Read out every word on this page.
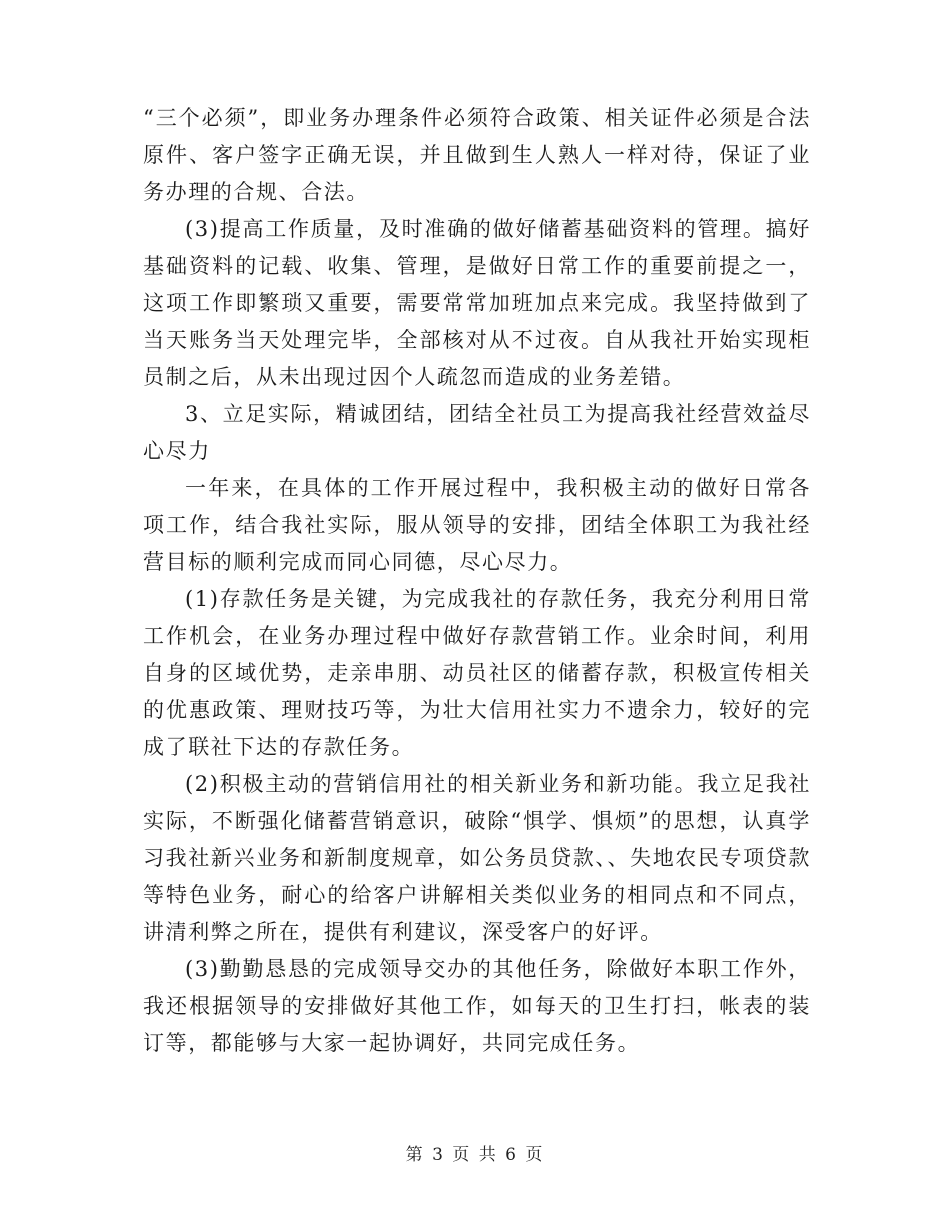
“三个必须”，即业务办理条件必须符合政策、相关证件必须是合法原件、客户签字正确无误，并且做到生人熟人一样对待，保证了业务办理的合规、合法。

(3)提高工作质量，及时准确的做好储蓄基础资料的管理。搞好基础资料的记载、收集、管理，是做好日常工作的重要前提之一，这项工作即繁琐又重要，需要常常加班加点来完成。我坚持做到了当天账务当天处理完毕，全部核对从不过夜。自从我社开始实现柜员制之后，从未出现过因个人疏忽而造成的业务差错。

3、立足实际，精诚团结，团结全社员工为提高我社经营效益尽心尽力

一年来，在具体的工作开展过程中，我积极主动的做好日常各项工作，结合我社实际，服从领导的安排，团结全体职工为我社经营目标的顺利完成而同心同德，尽心尽力。

(1)存款任务是关键，为完成我社的存款任务，我充分利用日常工作机会，在业务办理过程中做好存款营销工作。业余时间，利用自身的区域优势，走亲串朋、动员社区的储蓄存款，积极宣传相关的优惠政策、理财技巧等，为壮大信用社实力不遗余力，较好的完成了联社下达的存款任务。

(2)积极主动的营销信用社的相关新业务和新功能。我立足我社实际，不断强化储蓄营销意识，破除“惧学、惧烦”的思想，认真学习我社新兴业务和新制度规章，如公务员贷款、、失地农民专项贷款等特色业务，耐心的给客户讲解相关类似业务的相同点和不同点，讲清利弊之所在，提供有利建议，深受客户的好评。

(3)勤勤恳恳的完成领导交办的其他任务，除做好本职工作外，我还根据领导的安排做好其他工作，如每天的卫生打扫，帐表的装订等，都能够与大家一起协调好，共同完成任务。

第 3 页 共 6 页
